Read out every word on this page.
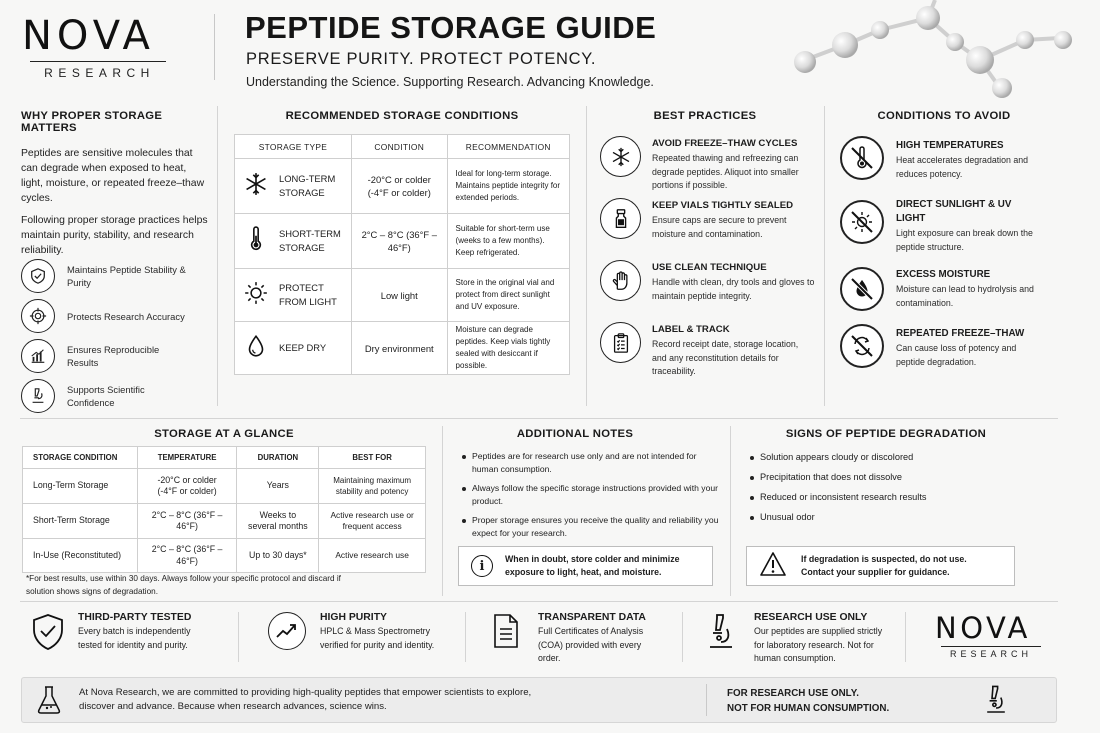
NOVA
RESEARCH
PEPTIDE STORAGE GUIDE
PRESERVE PURITY. PROTECT POTENCY.
Understanding the Science. Supporting Research. Advancing Knowledge.
WHY PROPER STORAGE MATTERS
Peptides are sensitive molecules that can degrade when exposed to heat, light, moisture, or repeated freeze–thaw cycles.
Following proper storage practices helps maintain purity, stability, and research reliability.
Maintains Peptide Stability & Purity
Protects Research Accuracy
Ensures Reproducible Results
Supports Scientific Confidence
RECOMMENDED STORAGE CONDITIONS
STORAGE TYPE	CONDITION	RECOMMENDATION

LONG-TERM STORAGE	-20°C or colder (-4°F or colder)	Ideal for long-term storage. Maintains peptide integrity for extended periods.

SHORT-TERM STORAGE	2°C – 8°C (36°F – 46°F)	Suitable for short-term use (weeks to a few months). Keep refrigerated.

PROTECT FROM LIGHT	Low light	Store in the original vial and protect from direct sunlight and UV exposure.

KEEP DRY	Dry environment	Moisture can degrade peptides. Keep vials tightly sealed with desiccant if possible.
BEST PRACTICES
AVOID FREEZE–THAW CYCLES
Repeated thawing and refreezing can degrade peptides. Aliquot into smaller portions if possible.
KEEP VIALS TIGHTLY SEALED
Ensure caps are secure to prevent moisture and contamination.
USE CLEAN TECHNIQUE
Handle with clean, dry tools and gloves to maintain peptide integrity.
LABEL & TRACK
Record receipt date, storage location, and any reconstitution details for traceability.
CONDITIONS TO AVOID
HIGH TEMPERATURES
Heat accelerates degradation and reduces potency.
DIRECT SUNLIGHT & UV LIGHT
Light exposure can break down the peptide structure.
EXCESS MOISTURE
Moisture can lead to hydrolysis and contamination.
REPEATED FREEZE–THAW
Can cause loss of potency and peptide degradation.
STORAGE AT A GLANCE
STORAGE CONDITION	TEMPERATURE	DURATION	BEST FOR
Long-Term Storage	-20°C or colder (-4°F or colder)	Years	Maintaining maximum stability and potency
Short-Term Storage	2°C – 8°C (36°F – 46°F)	Weeks to several months	Active research use or frequent access
In-Use (Reconstituted)	2°C – 8°C (36°F – 46°F)	Up to 30 days*	Active research use
*For best results, use within 30 days. Always follow your specific protocol and discard if solution shows signs of degradation.
ADDITIONAL NOTES
Peptides are for research use only and are not intended for human consumption.
Always follow the specific storage instructions provided with your product.
Proper storage ensures you receive the quality and reliability you expect for your research.
i	When in doubt, store colder and minimize exposure to light, heat, and moisture.
SIGNS OF PEPTIDE DEGRADATION
Solution appears cloudy or discolored
Precipitation that does not dissolve
Reduced or inconsistent research results
Unusual odor
If degradation is suspected, do not use. Contact your supplier for guidance.
THIRD-PARTY TESTED
Every batch is independently tested for identity and purity.
HIGH PURITY
HPLC & Mass Spectrometry verified for purity and identity.
TRANSPARENT DATA
Full Certificates of Analysis (COA) provided with every order.
RESEARCH USE ONLY
Our peptides are supplied strictly for laboratory research. Not for human consumption.
NOVA
RESEARCH
At Nova Research, we are committed to providing high-quality peptides that empower scientists to explore, discover and advance. Because when research advances, science wins.
FOR RESEARCH USE ONLY.
NOT FOR HUMAN CONSUMPTION.
